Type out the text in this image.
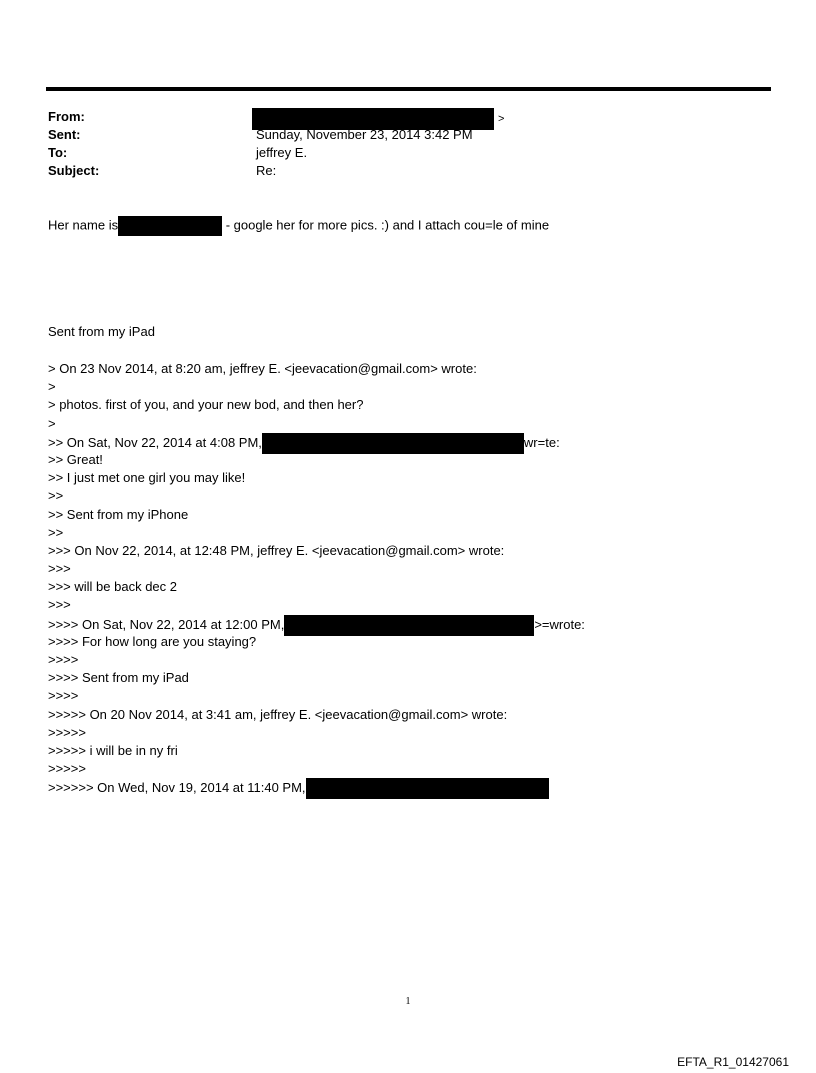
From:	>
Sent:	Sunday, November 23, 2014 3:42 PM
To:	jeffrey E.
Subject:	Re:
Her name is	- google her for more pics. :) and I attach cou=le of mine
Sent from my iPad
> On 23 Nov 2014, at 8:20 am, jeffrey E. <jeevacation@gmail.com> wrote:
>
> photos. first of you, and your new bod, and then her?
>
>> On Sat, Nov 22, 2014 at 4:08 PM,	wr=te:
>> Great!
>> I just met one girl you may like!
>>
>> Sent from my iPhone
>>
>>> On Nov 22, 2014, at 12:48 PM, jeffrey E. <jeevacation@gmail.com> wrote:
>>>
>>> will be back dec 2
>>>
>>>> On Sat, Nov 22, 2014 at 12:00 PM,	>=wrote:
>>>> For how long are you staying?
>>>>
>>>> Sent from my iPad
>>>>
>>>>> On 20 Nov 2014, at 3:41 am, jeffrey E. <jeevacation@gmail.com> wrote:
>>>>>
>>>>> i will be in ny fri
>>>>>
>>>>>> On Wed, Nov 19, 2014 at 11:40 PM,
1
EFTA_R1_01427061
